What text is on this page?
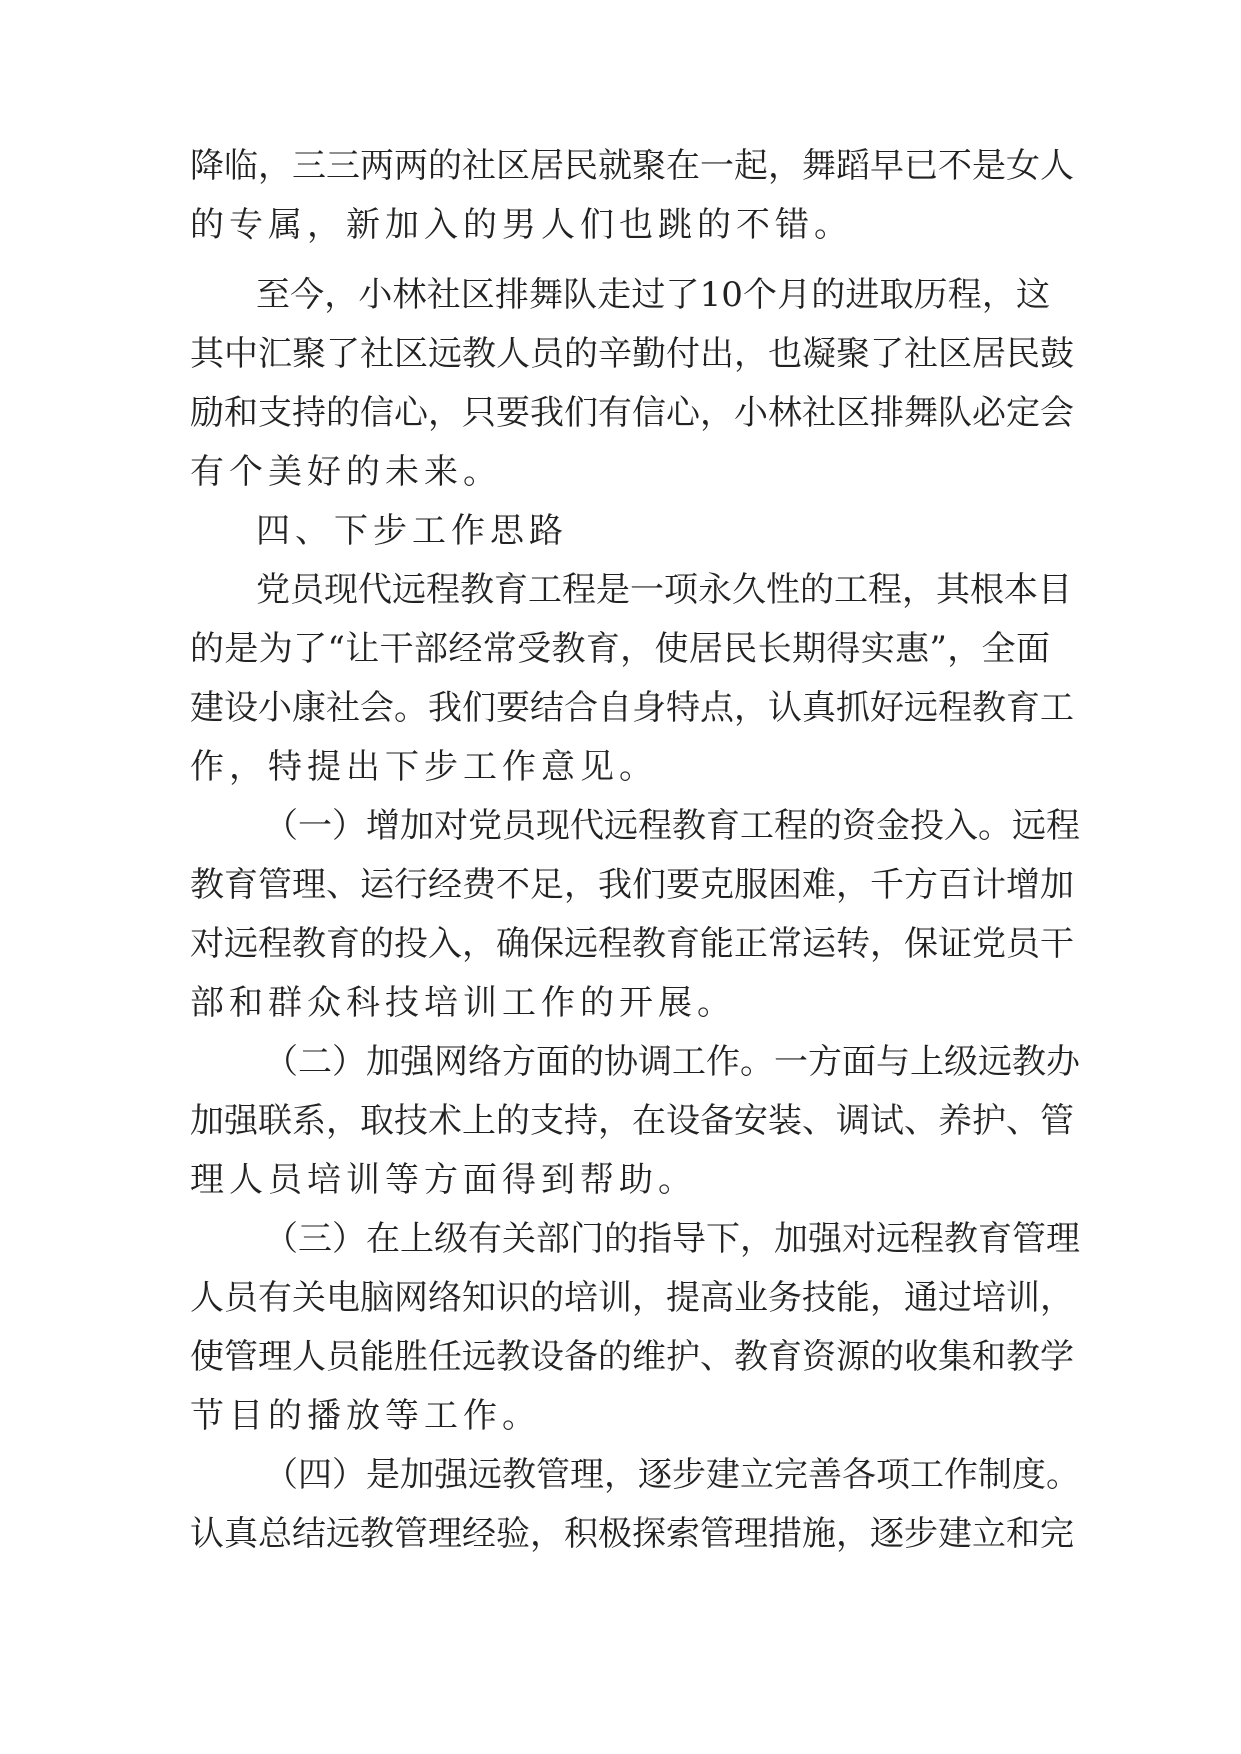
降临，三三两两的社区居民就聚在一起，舞蹈早已不是女人
的专属，新加入的男人们也跳的不错。
至今，小林社区排舞队走过了10个月的进取历程，这
其中汇聚了社区远教人员的辛勤付出，也凝聚了社区居民鼓
励和支持的信心，只要我们有信心，小林社区排舞队必定会
有个美好的未来。
四、下步工作思路
党员现代远程教育工程是一项永久性的工程，其根本目
的是为了“让干部经常受教育，使居民长期得实惠”，全面
建设小康社会。我们要结合自身特点，认真抓好远程教育工
作，特提出下步工作意见。
（一）增加对党员现代远程教育工程的资金投入。远程
教育管理、运行经费不足，我们要克服困难，千方百计增加
对远程教育的投入，确保远程教育能正常运转，保证党员干
部和群众科技培训工作的开展。
（二）加强网络方面的协调工作。一方面与上级远教办
加强联系，取技术上的支持，在设备安装、调试、养护、管
理人员培训等方面得到帮助。
（三）在上级有关部门的指导下，加强对远程教育管理
人员有关电脑网络知识的培训，提高业务技能，通过培训，
使管理人员能胜任远教设备的维护、教育资源的收集和教学
节目的播放等工作。
（四）是加强远教管理，逐步建立完善各项工作制度。
认真总结远教管理经验，积极探索管理措施，逐步建立和完
